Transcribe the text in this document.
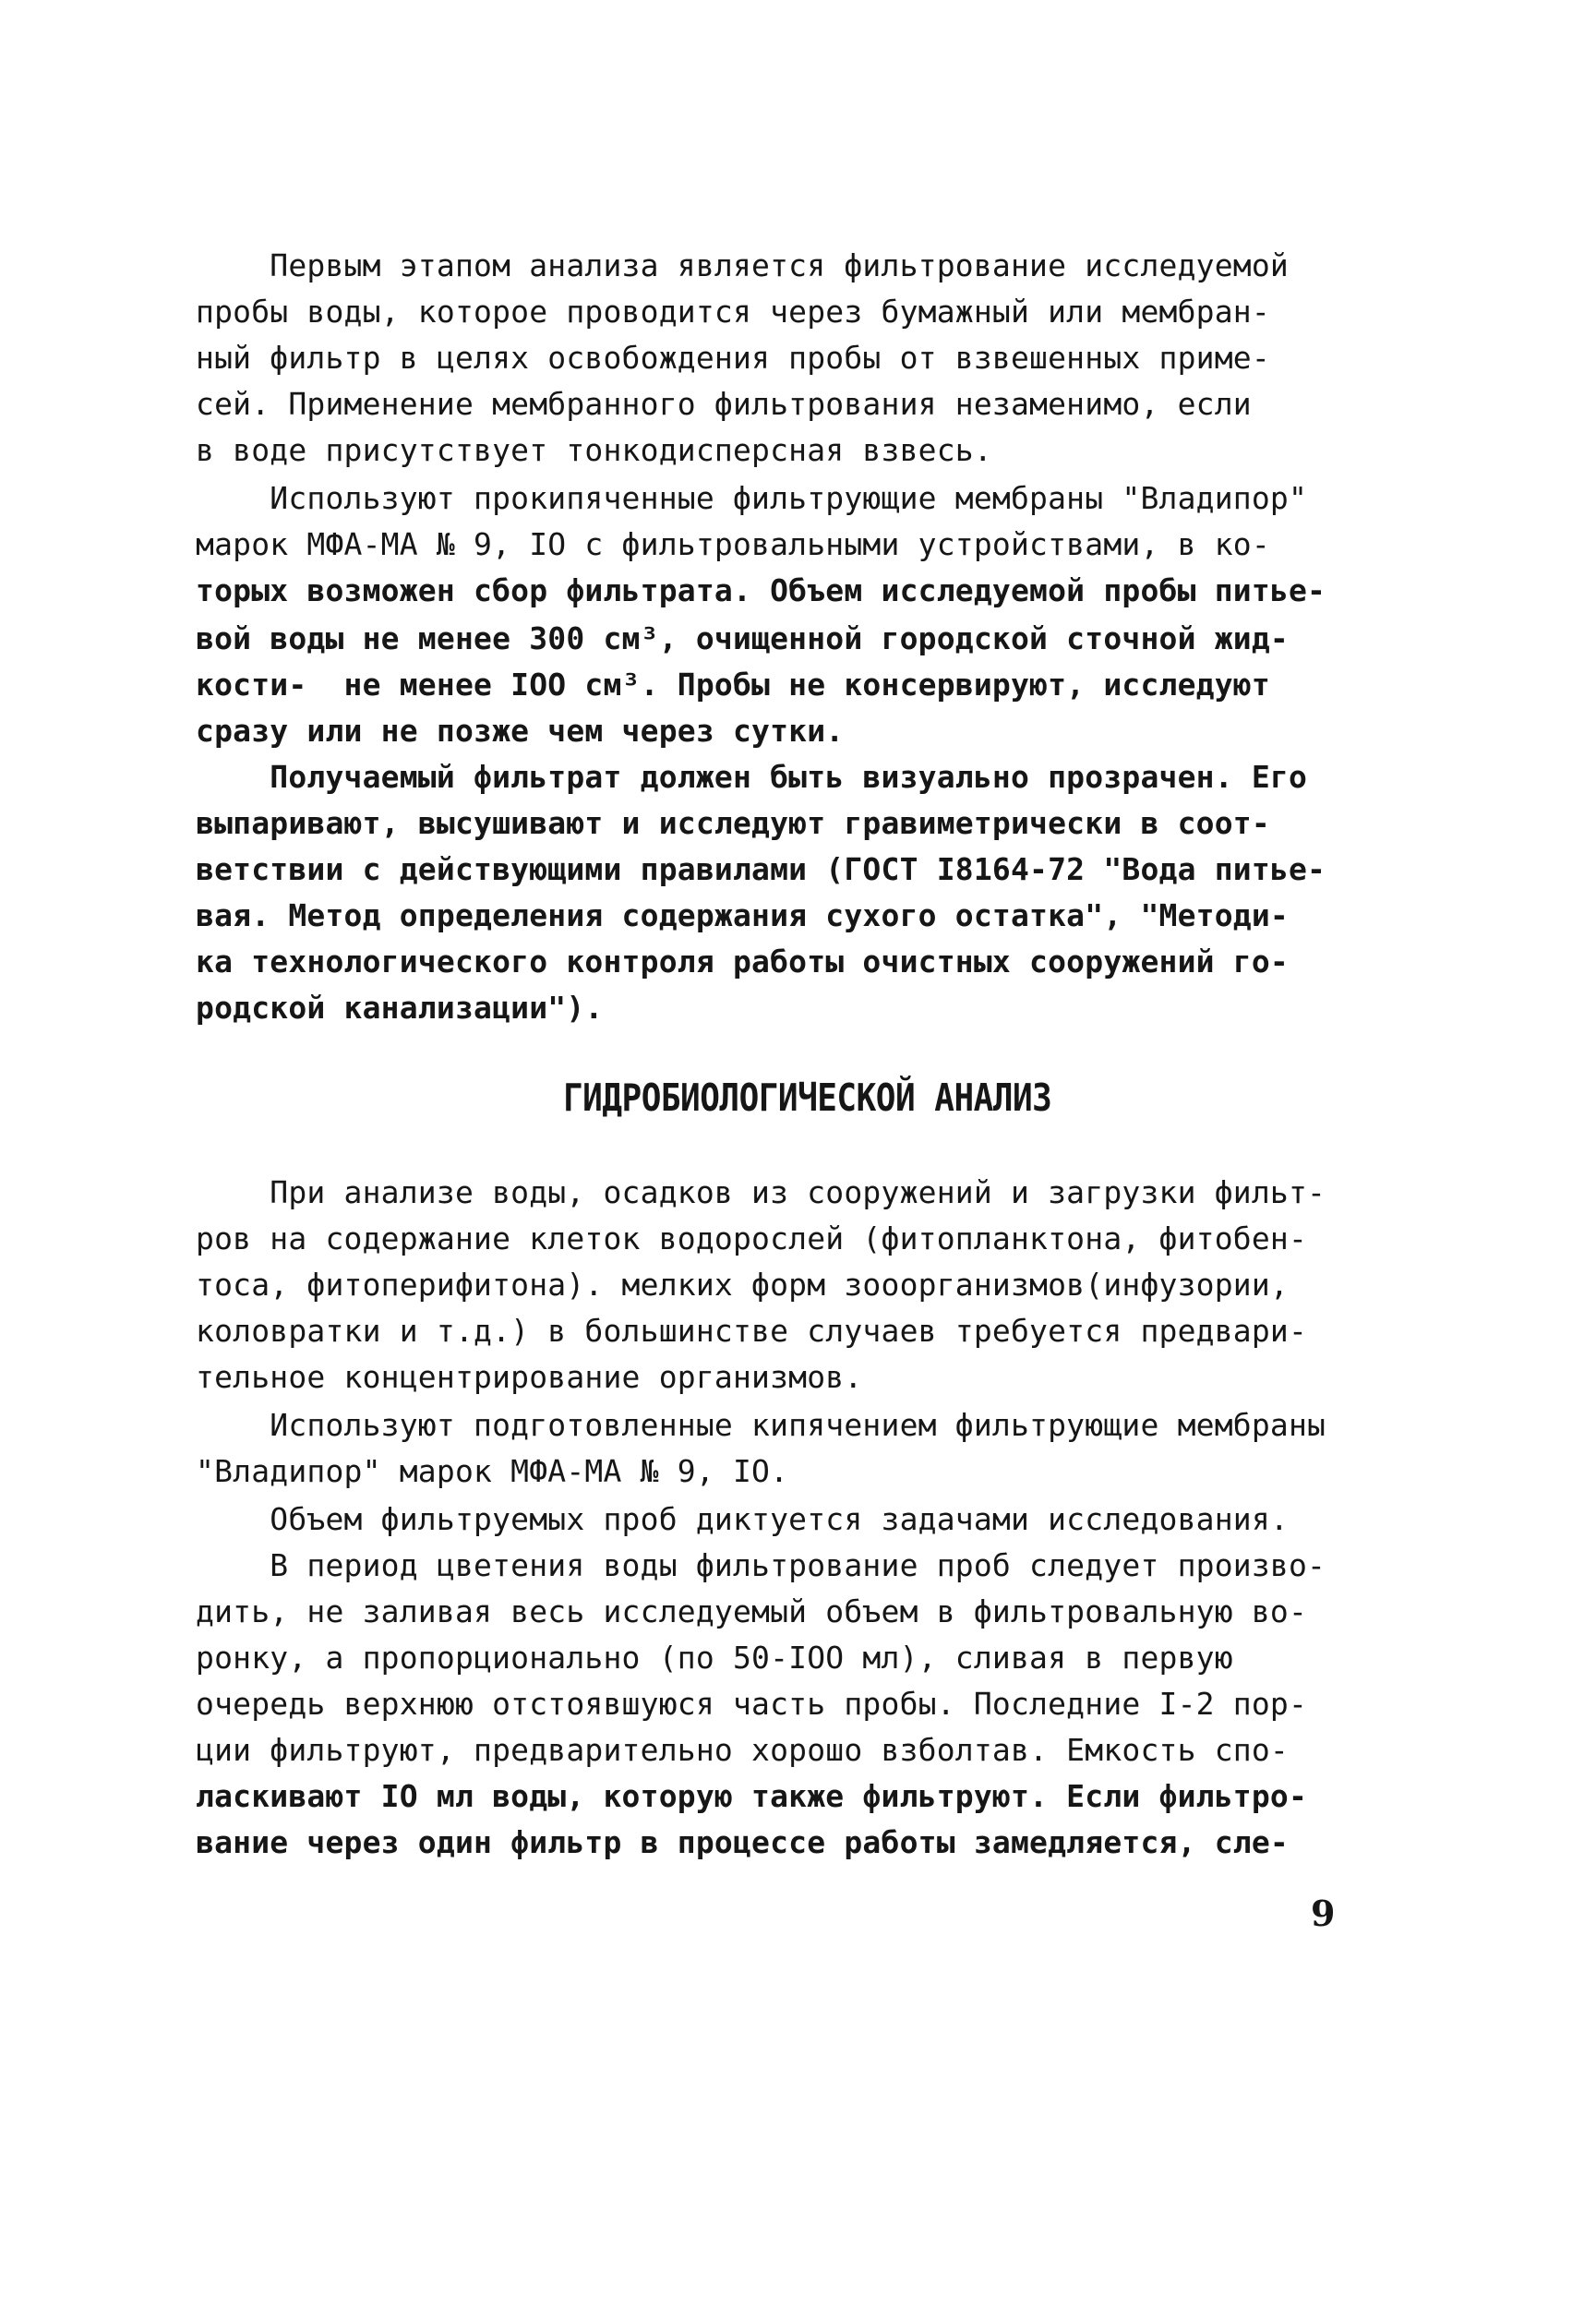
Первым этапом анализа является фильтрование исследуемой
пробы воды, которое проводится через бумажный или мембран-
ный фильтр в целях освобождения пробы от взвешенных приме-
сей. Применение мембранного фильтрования незаменимо, если
в воде присутствует тонкодисперсная взвесь.
Используют прокипяченные фильтрующие мембраны "Владипор"
марок МФА-МА № 9, IO с фильтровальными устройствами, в ко-
торых возможен сбор фильтрата. Объем исследуемой пробы питье-
вой воды не менее 300 см³, очищенной городской сточной жид-
кости-  не менее IOO см³. Пробы не консервируют, исследуют
сразу или не позже чем через сутки.
Получаемый фильтрат должен быть визуально прозрачен. Его
выпаривают, высушивают и исследуют гравиметрически в соот-
ветствии с действующими правилами (ГОСТ I8164-72 "Вода питье-
вая. Метод определения содержания сухого остатка", "Методи-
ка технологического контроля работы очистных сооружений го-
родской канализации").
ГИДРОБИОЛОГИЧЕСКОЙ АНАЛИЗ
При анализе воды, осадков из сооружений и загрузки фильт-
ров на содержание клеток водорослей (фитопланктона, фитобен-
тоса, фитоперифитона). мелких форм зооорганизмов(инфузории,
коловратки и т.д.) в большинстве случаев требуется предвари-
тельное концентрирование организмов.
Используют подготовленные кипячением фильтрующие мембраны
"Владипор" марок МФА-МА № 9, IO.
Объем фильтруемых проб диктуется задачами исследования.
В период цветения воды фильтрование проб следует произво-
дить, не заливая весь исследуемый объем в фильтровальную во-
ронку, а пропорционально (по 50-IOO мл), сливая в первую
очередь верхнюю отстоявшуюся часть пробы. Последние I-2 пор-
ции фильтруют, предварительно хорошо взболтав. Емкость спо-
ласкивают IO мл воды, которую также фильтруют. Если фильтро-
вание через один фильтр в процессе работы замедляется, сле-
9
